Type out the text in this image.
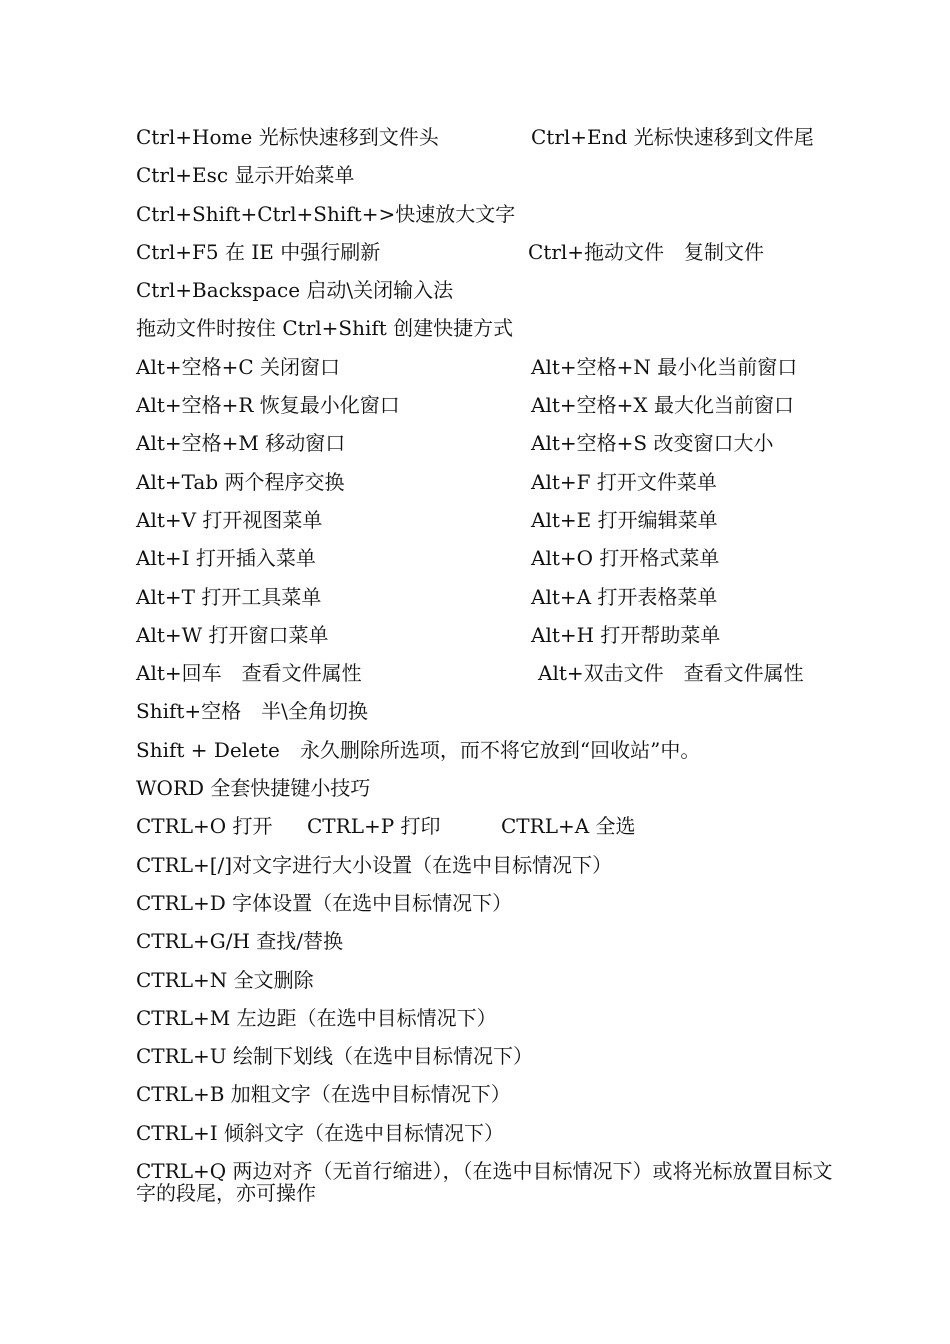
Ctrl+Home 光标快速移到文件头	Ctrl+End 光标快速移到文件尾
Ctrl+Esc 显示开始菜单
Ctrl+Shift+Ctrl+Shift+>快速放大文字
Ctrl+F5 在 IE 中强行刷新	Ctrl+拖动文件　复制文件
Ctrl+Backspace 启动\关闭输入法
拖动文件时按住 Ctrl+Shift 创建快捷方式
Alt+空格+C 关闭窗口	Alt+空格+N 最小化当前窗口
Alt+空格+R 恢复最小化窗口	Alt+空格+X 最大化当前窗口
Alt+空格+M 移动窗口	Alt+空格+S 改变窗口大小
Alt+Tab 两个程序交换	Alt+F 打开文件菜单
Alt+V 打开视图菜单	Alt+E 打开编辑菜单
Alt+I 打开插入菜单	Alt+O 打开格式菜单
Alt+T 打开工具菜单	Alt+A 打开表格菜单
Alt+W 打开窗口菜单	Alt+H 打开帮助菜单
Alt+回车　查看文件属性	Alt+双击文件　查看文件属性
Shift+空格　半\全角切换
Shift + Delete　永久删除所选项，而不将它放到“回收站”中。
WORD 全套快捷键小技巧
CTRL+O 打开 CTRL+P 打印	CTRL+A 全选
CTRL+[/]对文字进行大小设置（在选中目标情况下）
CTRL+D 字体设置（在选中目标情况下）
CTRL+G/H 查找/替换
CTRL+N 全文删除
CTRL+M 左边距（在选中目标情况下）
CTRL+U 绘制下划线（在选中目标情况下）
CTRL+B 加粗文字（在选中目标情况下）
CTRL+I 倾斜文字（在选中目标情况下）
CTRL+Q 两边对齐（无首行缩进），（在选中目标情况下）或将光标放置目标文字的段尾，亦可操作
